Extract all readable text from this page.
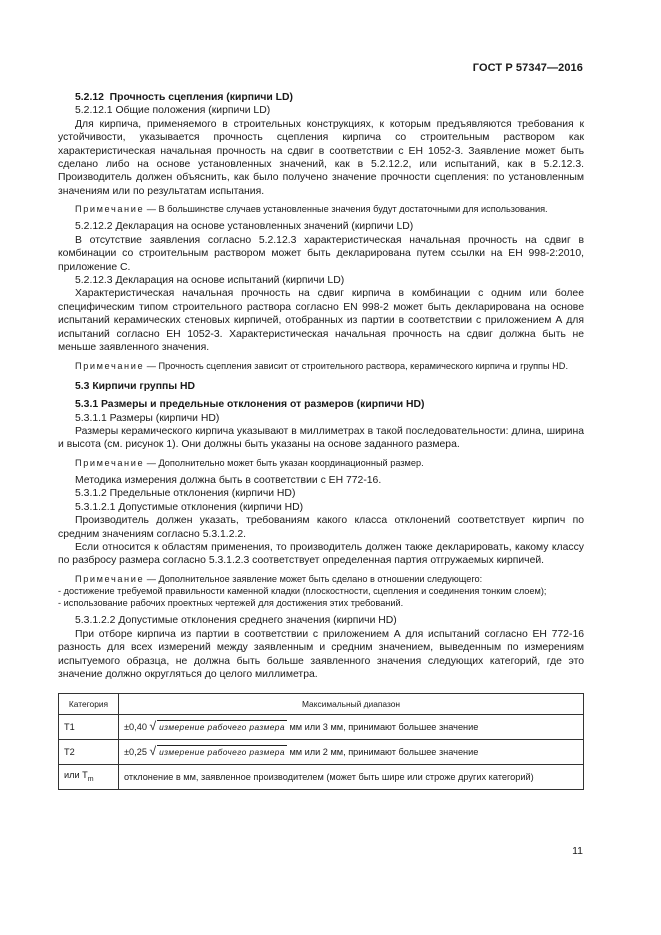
ГОСТ Р 57347—2016

5.2.12 Прочность сцепления (кирпичи LD)

5.2.12.1 Общие положения (кирпичи LD)

Для кирпича, применяемого в строительных конструкциях, к которым предъявляются требования к устойчивости, указывается прочность сцепления кирпича со строительным раствором как характеристическая начальная прочность на сдвиг в соответствии с ЕН 1052-3. Заявление может быть сделано либо на основе установленных значений, как в 5.2.12.2, или испытаний, как в 5.2.12.3. Производитель должен объяснить, как было получено значение прочности сцепления: по установленным значениям или по результатам испытания.

Примечание — В большинстве случаев установленные значения будут достаточными для использования.

5.2.12.2 Декларация на основе установленных значений (кирпичи LD)

В отсутствие заявления согласно 5.2.12.3 характеристическая начальная прочность на сдвиг в комбинации со строительным раствором может быть декларирована путем ссылки на ЕН 998-2:2010, приложение С.

5.2.12.3 Декларация на основе испытаний (кирпичи LD)

Характеристическая начальная прочность на сдвиг кирпича в комбинации с одним или более специфическим типом строительного раствора согласно EN 998-2 может быть декларирована на основе испытаний керамических стеновых кирпичей, отобранных из партии в соответствии с приложением А для испытаний согласно ЕН 1052-3. Характеристическая начальная прочность на сдвиг должна быть не меньше заявленного значения.

Примечание — Прочность сцепления зависит от строительного раствора, керамического кирпича и группы HD.

5.3 Кирпичи группы HD

5.3.1 Размеры и предельные отклонения от размеров (кирпичи HD)

5.3.1.1 Размеры (кирпичи HD)

Размеры керамического кирпича указывают в миллиметрах в такой последовательности: длина, ширина и высота (см. рисунок 1). Они должны быть указаны на основе заданного размера.

Примечание — Дополнительно может быть указан координационный размер.

Методика измерения должна быть в соответствии с ЕН 772-16.

5.3.1.2 Предельные отклонения (кирпичи HD)

5.3.1.2.1 Допустимые отклонения (кирпичи HD)

Производитель должен указать, требованиям какого класса отклонений соответствует кирпич по средним значениям согласно 5.3.1.2.2.

Если относится к областям применения, то производитель должен также декларировать, какому классу по разбросу размера согласно 5.3.1.2.3 соответствует определенная партия отгружаемых кирпичей.

Примечание — Дополнительное заявление может быть сделано в отношении следующего:

- достижение требуемой правильности каменной кладки (плоскостности, сцепления и соединения тонким слоем);

- использование рабочих проектных чертежей для достижения этих требований.

5.3.1.2.2 Допустимые отклонения среднего значения (кирпичи HD)

При отборе кирпича из партии в соответствии с приложением А для испытаний согласно ЕН 772-16 разность для всех измерений между заявленным и средним значением, выведенным по измерениям испытуемого образца, не должна быть больше заявленного значения следующих категорий, где это значение должно округляться до целого миллиметра.

Категория	Максимальный диапазон
T1	±0,40 √ измерение рабочего размера мм или 3 мм, принимают большее значение
T2	±0,25 √ измерение рабочего размера мм или 2 мм, принимают большее значение
или $T_m$	отклонение в мм, заявленное производителем (может быть шире или строже других категорий)
11
